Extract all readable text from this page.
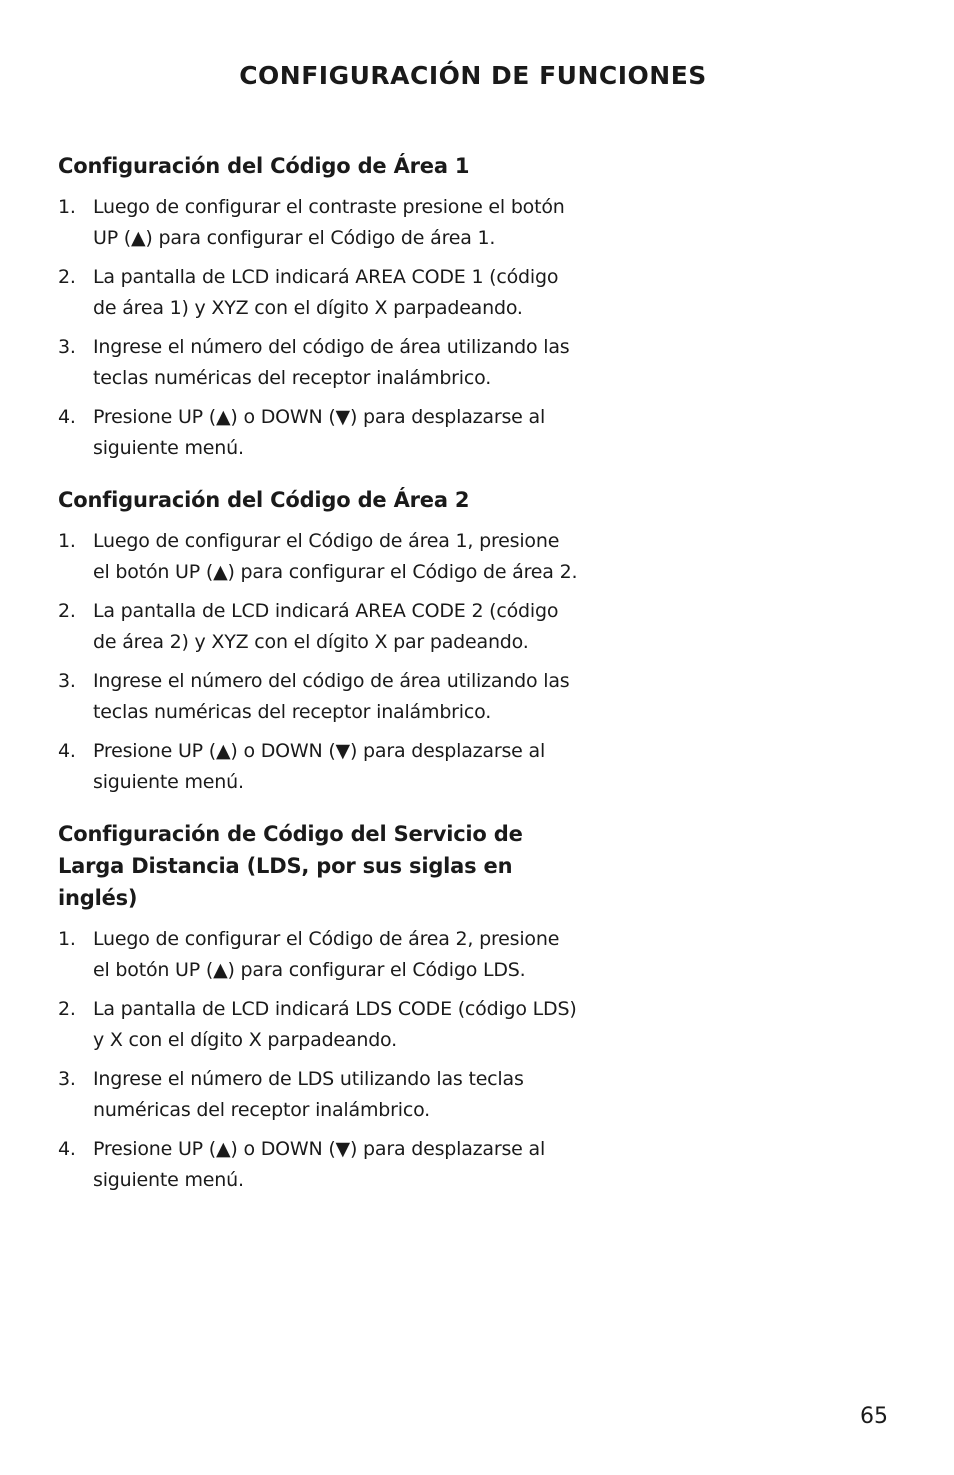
CONFIGURACIÓN DE FUNCIONES
Configuración del Código de Área 1
1. Luego de configurar el contraste presione el botón UP (▲) para configurar el Código de área 1.
2. La pantalla de LCD indicará AREA CODE 1 (código de área 1) y XYZ con el dígito X parpadeando.
3. Ingrese el número del código de área utilizando las teclas numéricas del receptor inalámbrico.
4. Presione UP (▲) o DOWN (▼) para desplazarse al siguiente menú.
Configuración del Código de Área 2
1. Luego de configurar el Código de área 1, presione el botón UP (▲) para configurar el Código de área 2.
2. La pantalla de LCD indicará AREA CODE 2 (código de área 2) y XYZ con el dígito X par padeando.
3. Ingrese el número del código de área utilizando las teclas numéricas del receptor inalámbrico.
4. Presione UP (▲) o DOWN (▼) para desplazarse al siguiente menú.
Configuración de Código del Servicio de Larga Distancia (LDS, por sus siglas en inglés)
1. Luego de configurar el Código de área 2, presione el botón UP (▲) para configurar el Código LDS.
2. La pantalla de LCD indicará LDS CODE (código LDS) y X con el dígito X parpadeando.
3. Ingrese el número de LDS utilizando las teclas numéricas del receptor inalámbrico.
4. Presione UP (▲) o DOWN (▼) para desplazarse al siguiente menú.

65
